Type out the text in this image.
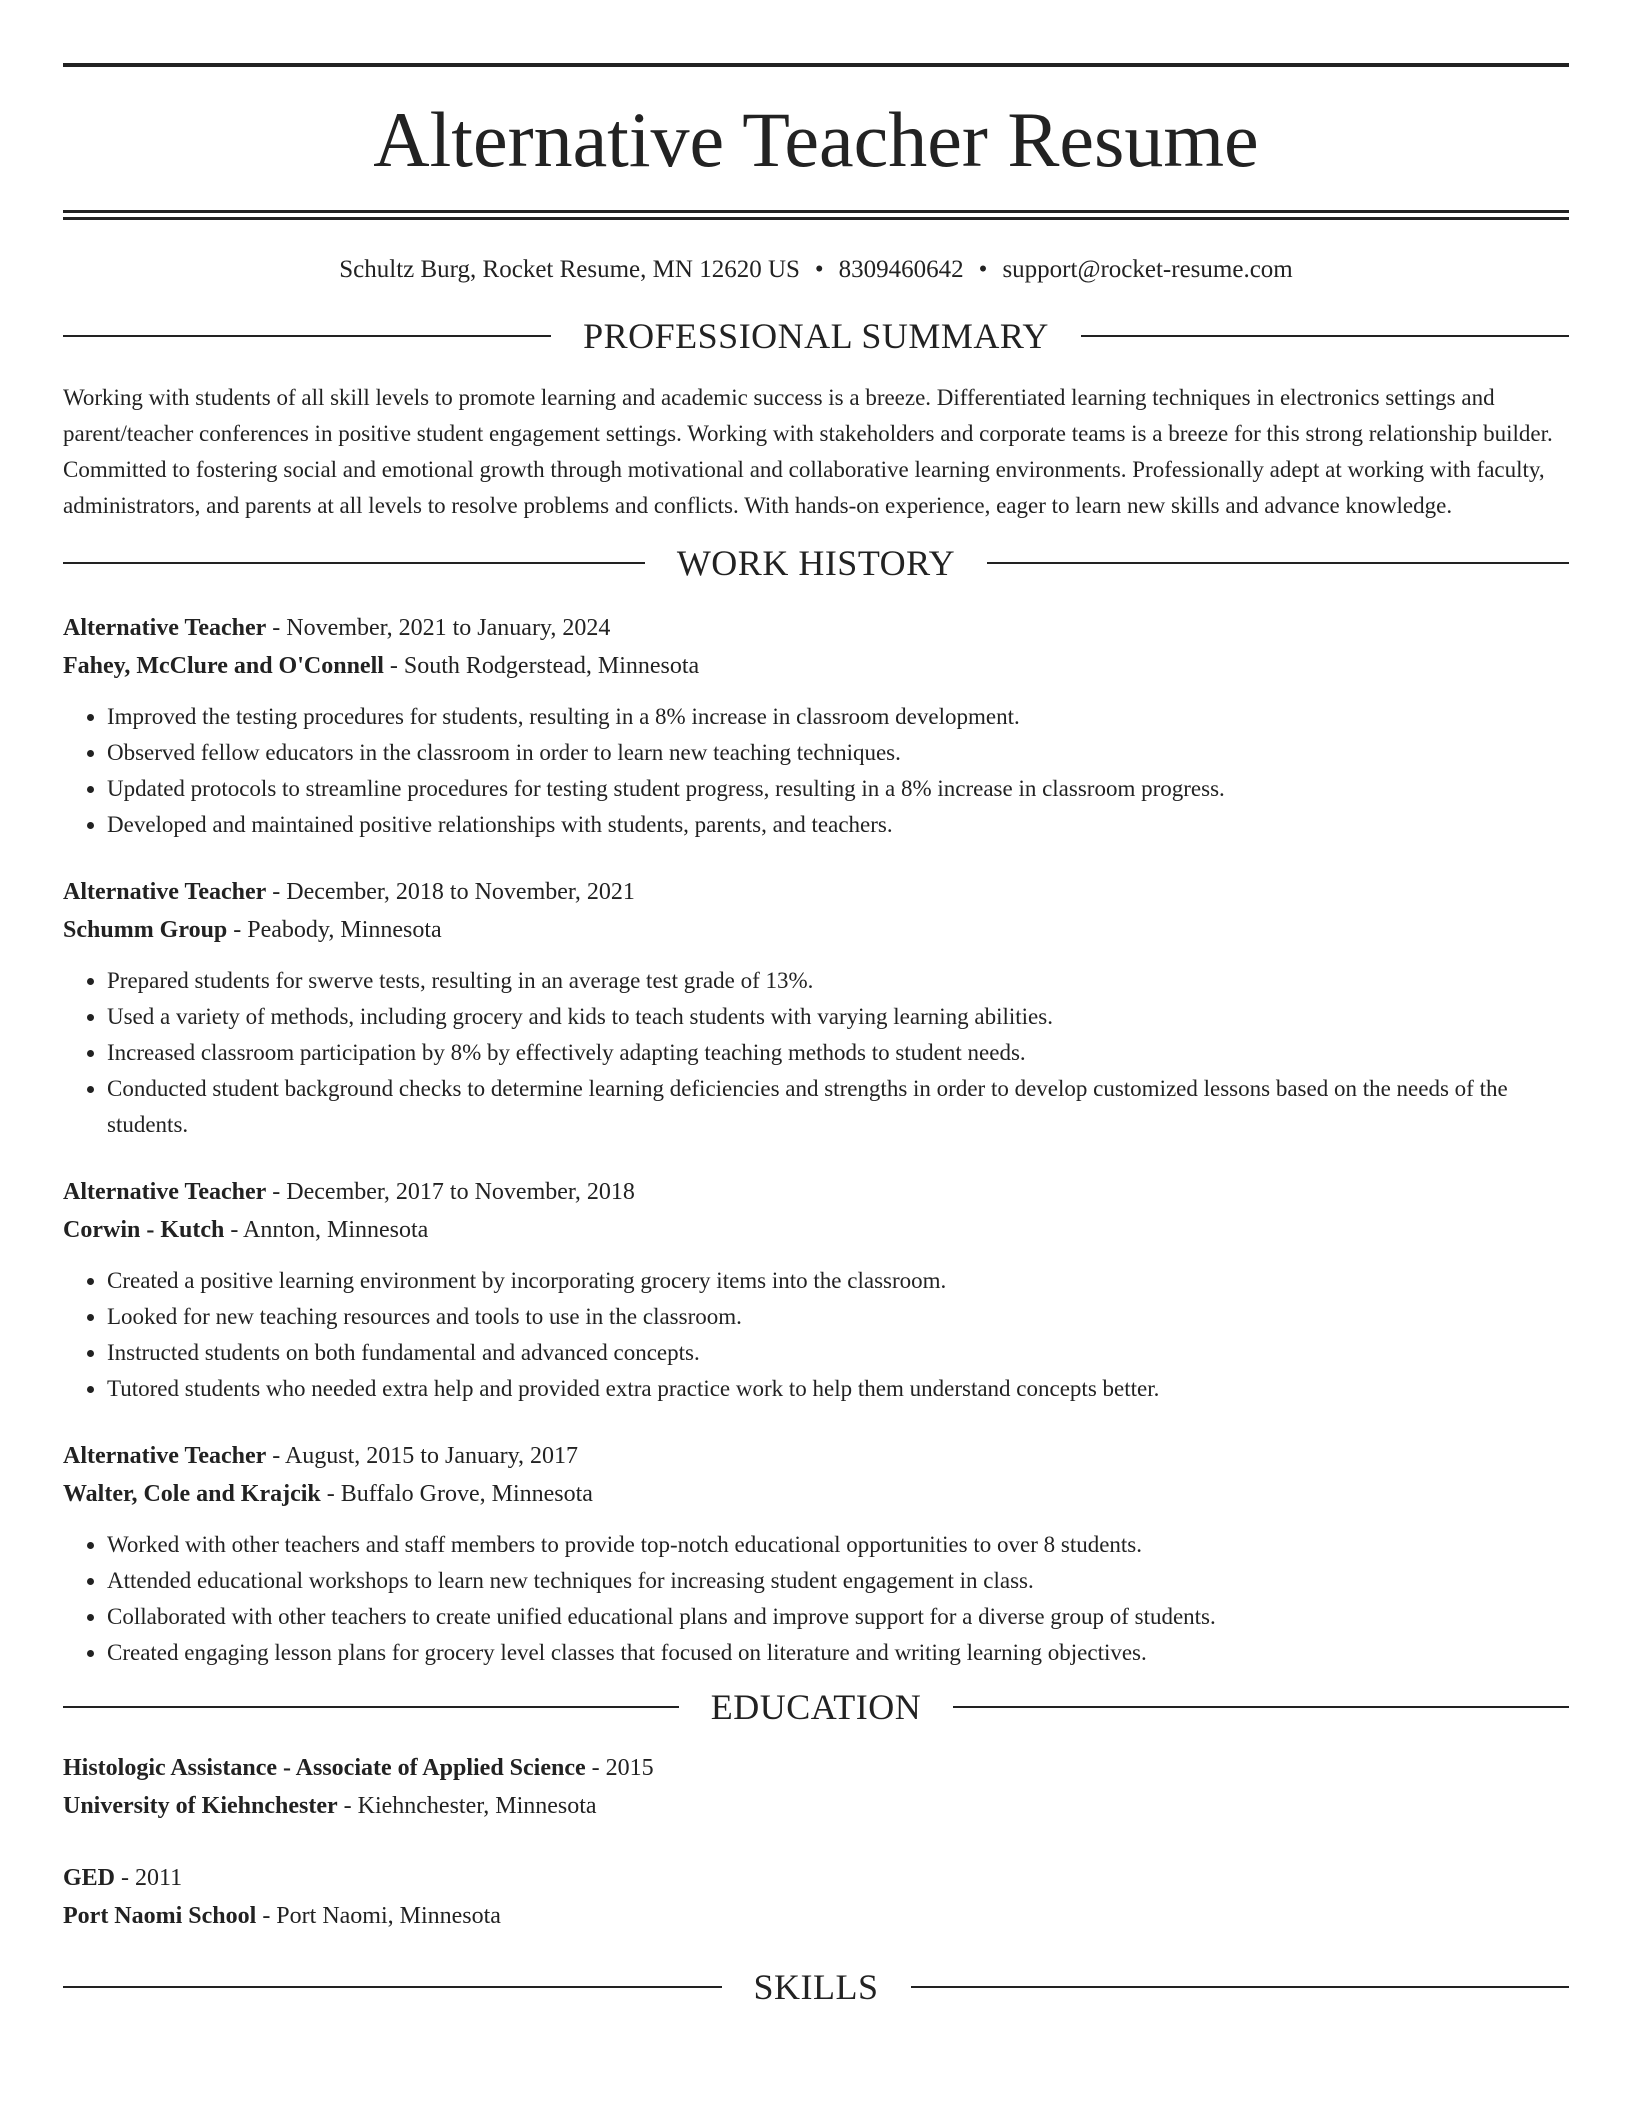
Alternative Teacher Resume
Schultz Burg, Rocket Resume, MN 12620 US • 8309460642 • support@rocket-resume.com
PROFESSIONAL SUMMARY

Working with students of all skill levels to promote learning and academic success is a breeze. Differentiated learning techniques in electronics settings and parent/teacher conferences in positive student engagement settings. Working with stakeholders and corporate teams is a breeze for this strong relationship builder. Committed to fostering social and emotional growth through motivational and collaborative learning environments. Professionally adept at working with faculty, administrators, and parents at all levels to resolve problems and conflicts. With hands-on experience, eager to learn new skills and advance knowledge.

WORK HISTORY
Alternative Teacher - November, 2021 to January, 2024
Fahey, McClure and O'Connell - South Rodgerstead, Minnesota
• Improved the testing procedures for students, resulting in a 8% increase in classroom development.
• Observed fellow educators in the classroom in order to learn new teaching techniques.
• Updated protocols to streamline procedures for testing student progress, resulting in a 8% increase in classroom progress.
• Developed and maintained positive relationships with students, parents, and teachers.
Alternative Teacher - December, 2018 to November, 2021
Schumm Group - Peabody, Minnesota
• Prepared students for swerve tests, resulting in an average test grade of 13%.
• Used a variety of methods, including grocery and kids to teach students with varying learning abilities.
• Increased classroom participation by 8% by effectively adapting teaching methods to student needs.
• Conducted student background checks to determine learning deficiencies and strengths in order to develop customized lessons based on the needs of the students.
Alternative Teacher - December, 2017 to November, 2018
Corwin - Kutch - Annton, Minnesota
• Created a positive learning environment by incorporating grocery items into the classroom.
• Looked for new teaching resources and tools to use in the classroom.
• Instructed students on both fundamental and advanced concepts.
• Tutored students who needed extra help and provided extra practice work to help them understand concepts better.
Alternative Teacher - August, 2015 to January, 2017
Walter, Cole and Krajcik - Buffalo Grove, Minnesota
• Worked with other teachers and staff members to provide top-notch educational opportunities to over 8 students.
• Attended educational workshops to learn new techniques for increasing student engagement in class.
• Collaborated with other teachers to create unified educational plans and improve support for a diverse group of students.
• Created engaging lesson plans for grocery level classes that focused on literature and writing learning objectives.
EDUCATION
Histologic Assistance - Associate of Applied Science - 2015
University of Kiehnchester - Kiehnchester, Minnesota
GED - 2011
Port Naomi School - Port Naomi, Minnesota
SKILLS
